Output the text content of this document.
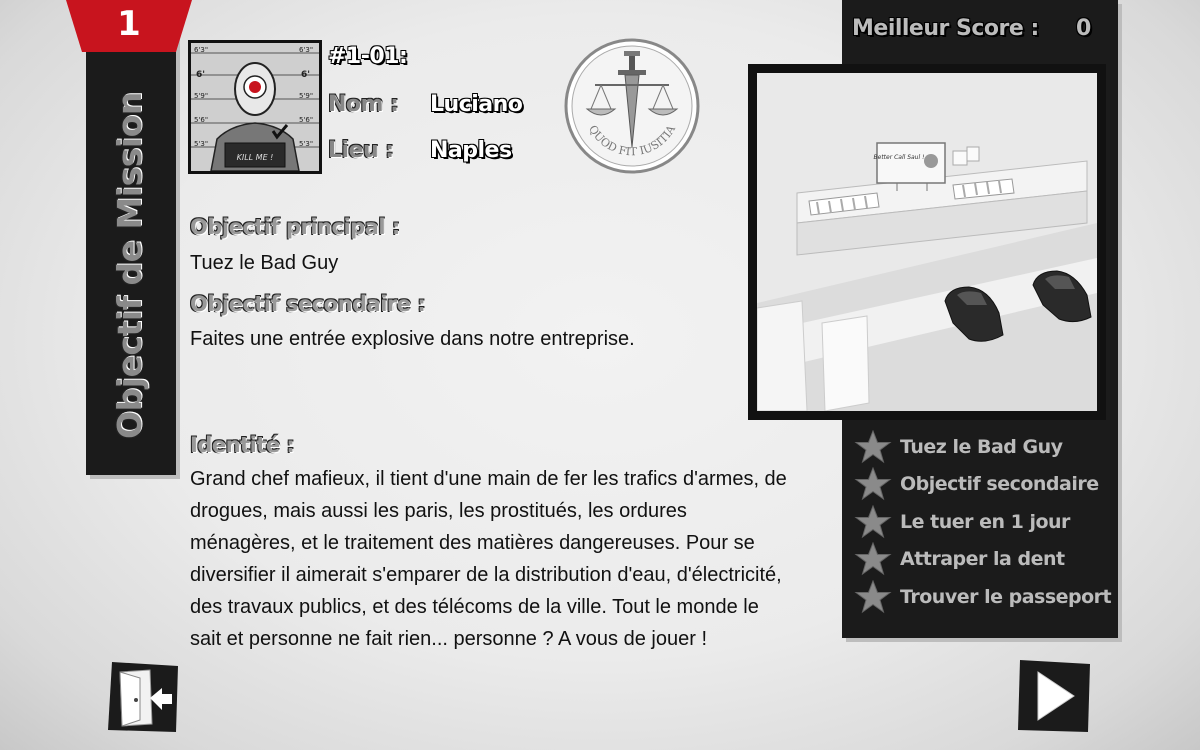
1
Objectif de Mission
6'3"	6'3"
6'	6'
5'9"	5'9"
5'6"	5'6"
5'3"	5'3"
KILL ME !
#1-01:
Nom : Luciano
Lieu : Naples
QUOD FIT IUSITIA
Objectif principal :
Tuez le Bad Guy
Objectif secondaire :
Faites une entrée explosive dans notre entreprise.
Identité :
Grand chef mafieux, il tient d'une main de fer les trafics d'armes, de
drogues, mais aussi les paris, les prostitués, les ordures
ménagères, et le traitement des matières dangereuses. Pour se
diversifier il aimerait s'emparer de la distribution d'eau, d'électricité,
des travaux publics, et des télécoms de la ville. Tout le monde le
sait et personne ne fait rien... personne ? A vous de jouer !
Meilleur Score : 0
Better Call Saul !
Tuez le Bad Guy
Objectif secondaire
Le tuer en 1 jour
Attraper la dent
Trouver le passeport
